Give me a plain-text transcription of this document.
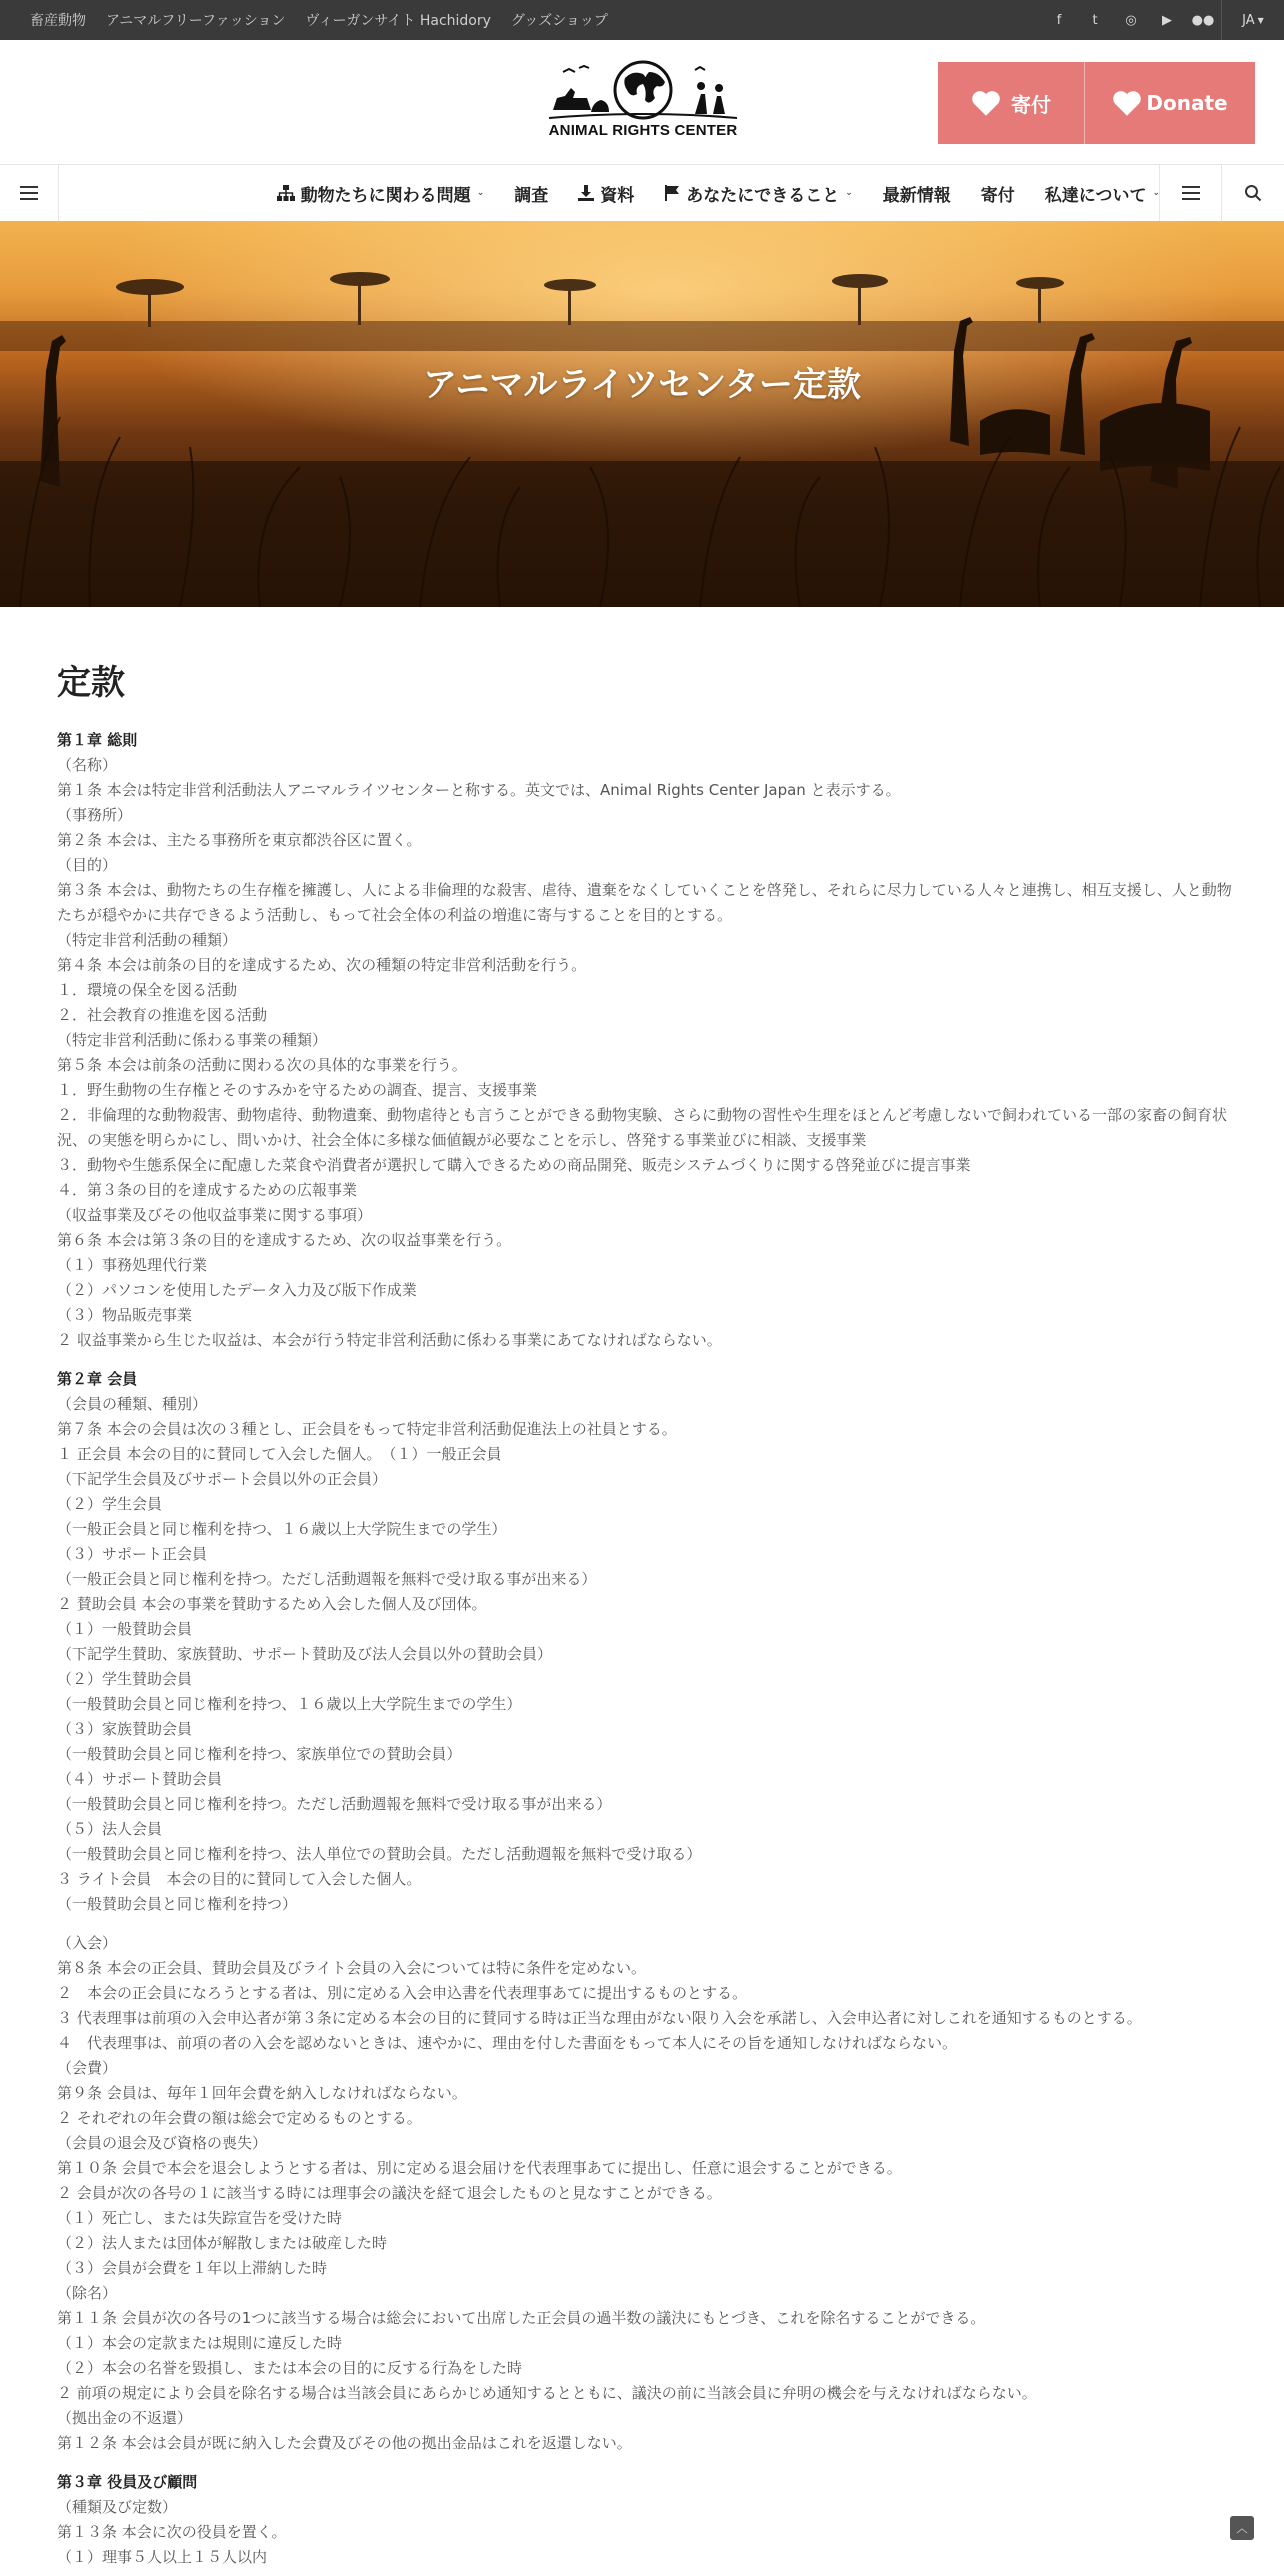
畜産動物 アニマルフリーファッション ヴィーガンサイト Hachidory グッズショップ	f	t	◎	▶	●●	JA ▼
ANIMAL RIGHTS CENTER
寄付	Donate
動物たちに関わる問題 ⌄ 調査	資料	あなたにできること ⌄ 最新情報 寄付 私達について ⌄
アニマルライツセンター定款
定款
第１章 総則

（名称）

第１条 本会は特定非営利活動法人アニマルライツセンターと称する。英文では、Animal Rights Center Japan と表示する。

（事務所）

第２条 本会は、主たる事務所を東京都渋谷区に置く。

（目的）

第３条 本会は、動物たちの生存権を擁護し、人による非倫理的な殺害、虐待、遺棄をなくしていくことを啓発し、それらに尽力している人々と連携し、相互支援し、人と動物たちが穏やかに共存できるよう活動し、もって社会全体の利益の増進に寄与することを目的とする。

（特定非営利活動の種類）

第４条 本会は前条の目的を達成するため、次の種類の特定非営利活動を行う。

１．環境の保全を図る活動

２．社会教育の推進を図る活動

（特定非営利活動に係わる事業の種類）

第５条 本会は前条の活動に関わる次の具体的な事業を行う。

１．野生動物の生存権とそのすみかを守るための調査、提言、支援事業

２．非倫理的な動物殺害、動物虐待、動物遺棄、動物虐待とも言うことができる動物実験、さらに動物の習性や生理をほとんど考慮しないで飼われている一部の家畜の飼育状況、の実態を明らかにし、問いかけ、社会全体に多様な価値観が必要なことを示し、啓発する事業並びに相談、支援事業

３．動物や生態系保全に配慮した菜食や消費者が選択して購入できるための商品開発、販売システムづくりに関する啓発並びに提言事業

４．第３条の目的を達成するための広報事業

（収益事業及びその他収益事業に関する事項）

第６条 本会は第３条の目的を達成するため、次の収益事業を行う。

（１）事務処理代行業

（２）パソコンを使用したデータ入力及び版下作成業

（３）物品販売事業

２ 収益事業から生じた収益は、本会が行う特定非営利活動に係わる事業にあてなければならない。

第２章 会員

（会員の種類、種別）

第７条 本会の会員は次の３種とし、正会員をもって特定非営利活動促進法上の社員とする。

１ 正会員 本会の目的に賛同して入会した個人。　（１）一般正会員

（下記学生会員及びサポート会員以外の正会員）

（２）学生会員

（一般正会員と同じ権利を持つ、１６歳以上大学院生までの学生）

（３）サポート正会員

（一般正会員と同じ権利を持つ。ただし活動週報を無料で受け取る事が出来る）

２ 賛助会員 本会の事業を賛助するため入会した個人及び団体。

（１）一般賛助会員

（下記学生賛助、家族賛助、サポート賛助及び法人会員以外の賛助会員）

（２）学生賛助会員

（一般賛助会員と同じ権利を持つ、１６歳以上大学院生までの学生）

（３）家族賛助会員

（一般賛助会員と同じ権利を持つ、家族単位での賛助会員）

（４）サポート賛助会員

（一般賛助会員と同じ権利を持つ。ただし活動週報を無料で受け取る事が出来る）

（５）法人会員

（一般賛助会員と同じ権利を持つ、法人単位での賛助会員。ただし活動週報を無料で受け取る）

３ ライト会員　本会の目的に賛同して入会した個人。

（一般賛助会員と同じ権利を持つ）

（入会）

第８条 本会の正会員、賛助会員及びライト会員の入会については特に条件を定めない。

２　本会の正会員になろうとする者は、別に定める入会申込書を代表理事あてに提出するものとする。

３ 代表理事は前項の入会申込者が第３条に定める本会の目的に賛同する時は正当な理由がない限り入会を承諾し、入会申込者に対しこれを通知するものとする。

４　代表理事は、前項の者の入会を認めないときは、速やかに、理由を付した書面をもって本人にその旨を通知しなければならない。

（会費）

第９条 会員は、毎年１回年会費を納入しなければならない。

２ それぞれの年会費の額は総会で定めるものとする。

（会員の退会及び資格の喪失）

第１０条 会員で本会を退会しようとする者は、別に定める退会届けを代表理事あてに提出し、任意に退会することができる。

２ 会員が次の各号の１に該当する時には理事会の議決を経て退会したものと見なすことができる。

（１）死亡し、または失踪宣告を受けた時

（２）法人または団体が解散しまたは破産した時

（３）会員が会費を１年以上滞納した時

（除名）

第１１条 会員が次の各号の1つに該当する場合は総会において出席した正会員の過半数の議決にもとづき、これを除名することができる。

（１）本会の定款または規則に違反した時

（２）本会の名誉を毀損し、または本会の目的に反する行為をした時

２ 前項の規定により会員を除名する場合は当該会員にあらかじめ通知するとともに、議決の前に当該会員に弁明の機会を与えなければならない。

（拠出金の不返還）

第１２条 本会は会員が既に納入した会費及びその他の拠出金品はこれを返還しない。

第３章 役員及び顧問

（種類及び定数）

第１３条 本会に次の役員を置く。

（１）理事５人以上１５人以内

︿
